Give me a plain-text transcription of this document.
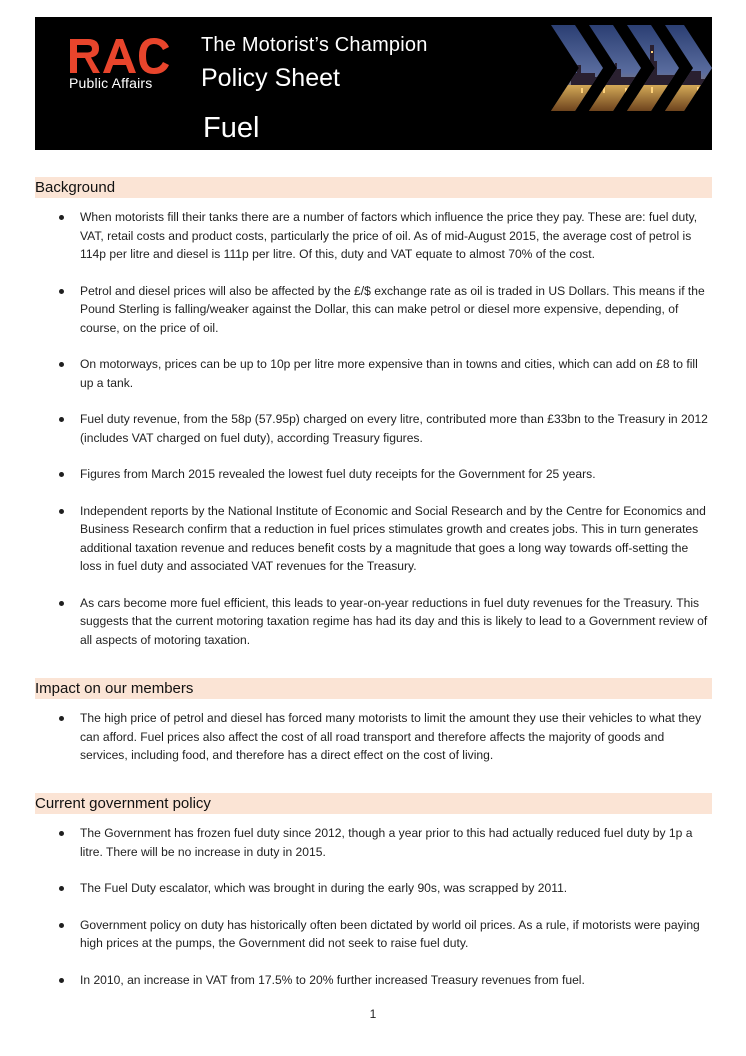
Public Affairs
The Motorist’s Champion
Policy Sheet
Fuel
Background
When motorists fill their tanks there are a number of factors which influence the price they pay. These are: fuel duty, VAT, retail costs and product costs, particularly the price of oil. As of mid-August 2015, the average cost of petrol is 114p per litre and diesel is 111p per litre. Of this, duty and VAT equate to almost 70% of the cost.
Petrol and diesel prices will also be affected by the £/$ exchange rate as oil is traded in US Dollars. This means if the Pound Sterling is falling/weaker against the Dollar, this can make petrol or diesel more expensive, depending, of course, on the price of oil.
On motorways, prices can be up to 10p per litre more expensive than in towns and cities, which can add on £8 to fill up a tank.
Fuel duty revenue, from the 58p (57.95p) charged on every litre, contributed more than £33bn to the Treasury in 2012 (includes VAT charged on fuel duty), according Treasury figures.
Figures from March 2015 revealed the lowest fuel duty receipts for the Government for 25 years.
Independent reports by the National Institute of Economic and Social Research and by the Centre for Economics and Business Research confirm that a reduction in fuel prices stimulates growth and creates jobs. This in turn generates additional taxation revenue and reduces benefit costs by a magnitude that goes a long way towards off-setting the loss in fuel duty and associated VAT revenues for the Treasury.
As cars become more fuel efficient, this leads to year-on-year reductions in fuel duty revenues for the Treasury. This suggests that the current motoring taxation regime has had its day and this is likely to lead to a Government review of all aspects of motoring taxation.
Impact on our members
The high price of petrol and diesel has forced many motorists to limit the amount they use their vehicles to what they can afford. Fuel prices also affect the cost of all road transport and therefore affects the majority of goods and services, including food, and therefore has a direct effect on the cost of living.
Current government policy
The Government has frozen fuel duty since 2012, though a year prior to this had actually reduced fuel duty by 1p a litre. There will be no increase in duty in 2015.
The Fuel Duty escalator, which was brought in during the early 90s, was scrapped by 2011.
Government policy on duty has historically often been dictated by world oil prices. As a rule, if motorists were paying high prices at the pumps, the Government did not seek to raise fuel duty.
In 2010, an increase in VAT from 17.5% to 20% further increased Treasury revenues from fuel.
1
